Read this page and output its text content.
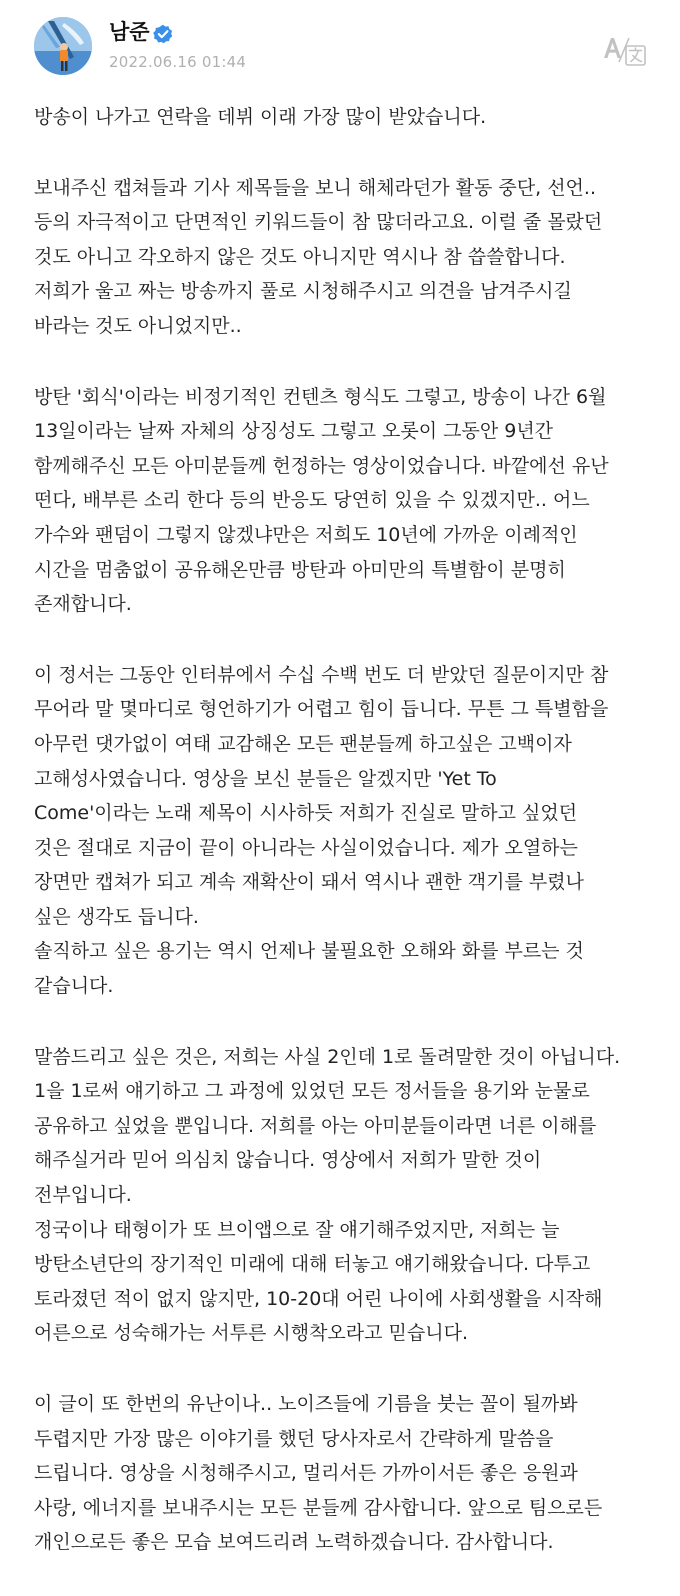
남준
2022.06.16 01:44
방송이 나가고 연락을 데뷔 이래 가장 많이 받았습니다.
보내주신 캡쳐들과 기사 제목들을 보니 해체라던가 활동 중단, 선언..
등의 자극적이고 단면적인 키워드들이 참 많더라고요. 이럴 줄 몰랐던
것도 아니고 각오하지 않은 것도 아니지만 역시나 참 씁쓸합니다.
저희가 울고 짜는 방송까지 풀로 시청해주시고 의견을 남겨주시길
바라는 것도 아니었지만..
방탄 '회식'이라는 비정기적인 컨텐츠 형식도 그렇고, 방송이 나간 6월
13일이라는 날짜 자체의 상징성도 그렇고 오롯이 그동안 9년간
함께해주신 모든 아미분들께 헌정하는 영상이었습니다. 바깥에선 유난
떤다, 배부른 소리 한다 등의 반응도 당연히 있을 수 있겠지만.. 어느
가수와 팬덤이 그렇지 않겠냐만은 저희도 10년에 가까운 이례적인
시간을 멈춤없이 공유해온만큼 방탄과 아미만의 특별함이 분명히
존재합니다.
이 정서는 그동안 인터뷰에서 수십 수백 번도 더 받았던 질문이지만 참
무어라 말 몇마디로 형언하기가 어렵고 힘이 듭니다. 무튼 그 특별함을
아무런 댓가없이 여태 교감해온 모든 팬분들께 하고싶은 고백이자
고해성사였습니다. 영상을 보신 분들은 알겠지만 'Yet To
Come'이라는 노래 제목이 시사하듯 저희가 진실로 말하고 싶었던
것은 절대로 지금이 끝이 아니라는 사실이었습니다. 제가 오열하는
장면만 캡쳐가 되고 계속 재확산이 돼서 역시나 괜한 객기를 부렸나
싶은 생각도 듭니다.
솔직하고 싶은 용기는 역시 언제나 불필요한 오해와 화를 부르는 것
같습니다.
말씀드리고 싶은 것은, 저희는 사실 2인데 1로 돌려말한 것이 아닙니다.
1을 1로써 얘기하고 그 과정에 있었던 모든 정서들을 용기와 눈물로
공유하고 싶었을 뿐입니다. 저희를 아는 아미분들이라면 너른 이해를
해주실거라 믿어 의심치 않습니다. 영상에서 저희가 말한 것이
전부입니다.
정국이나 태형이가 또 브이앱으로 잘 얘기해주었지만, 저희는 늘
방탄소년단의 장기적인 미래에 대해 터놓고 얘기해왔습니다. 다투고
토라졌던 적이 없지 않지만, 10-20대 어린 나이에 사회생활을 시작해
어른으로 성숙해가는 서투른 시행착오라고 믿습니다.
이 글이 또 한번의 유난이나.. 노이즈들에 기름을 붓는 꼴이 될까봐
두렵지만 가장 많은 이야기를 했던 당사자로서 간략하게 말씀을
드립니다. 영상을 시청해주시고, 멀리서든 가까이서든 좋은 응원과
사랑, 에너지를 보내주시는 모든 분들께 감사합니다. 앞으로 팀으로든
개인으로든 좋은 모습 보여드리려 노력하겠습니다. 감사합니다.
